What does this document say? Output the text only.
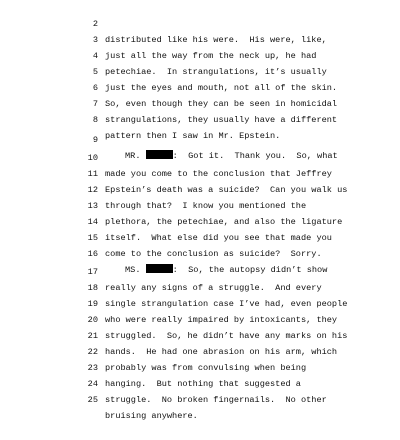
2

distributed like his were.  His were, like,

3

just all the way from the neck up, he had

4

petechiae.  In strangulations, it’s usually

5

just the eyes and mouth, not all of the skin.

6

So, even though they can be seen in homicidal

7

strangulations, they usually have a different

8

pattern then I saw in Mr. Epstein.

9

MR.	:  Got it.  Thank you.  So, what

10

made you come to the conclusion that Jeffrey

11

Epstein’s death was a suicide?  Can you walk us

12

through that?  I know you mentioned the

13

plethora, the petechiae, and also the ligature

14

itself.  What else did you see that made you

15

come to the conclusion as suicide?  Sorry.

16

MS.	:  So, the autopsy didn’t show

17

really any signs of a struggle.  And every

18

single strangulation case I’ve had, even people

19

who were really impaired by intoxicants, they

20

struggled.  So, he didn’t have any marks on his

21

hands.  He had one abrasion on his arm, which

22

probably was from convulsing when being

23

hanging.  But nothing that suggested a

24

struggle.  No broken fingernails.  No other

25

bruising anywhere.
